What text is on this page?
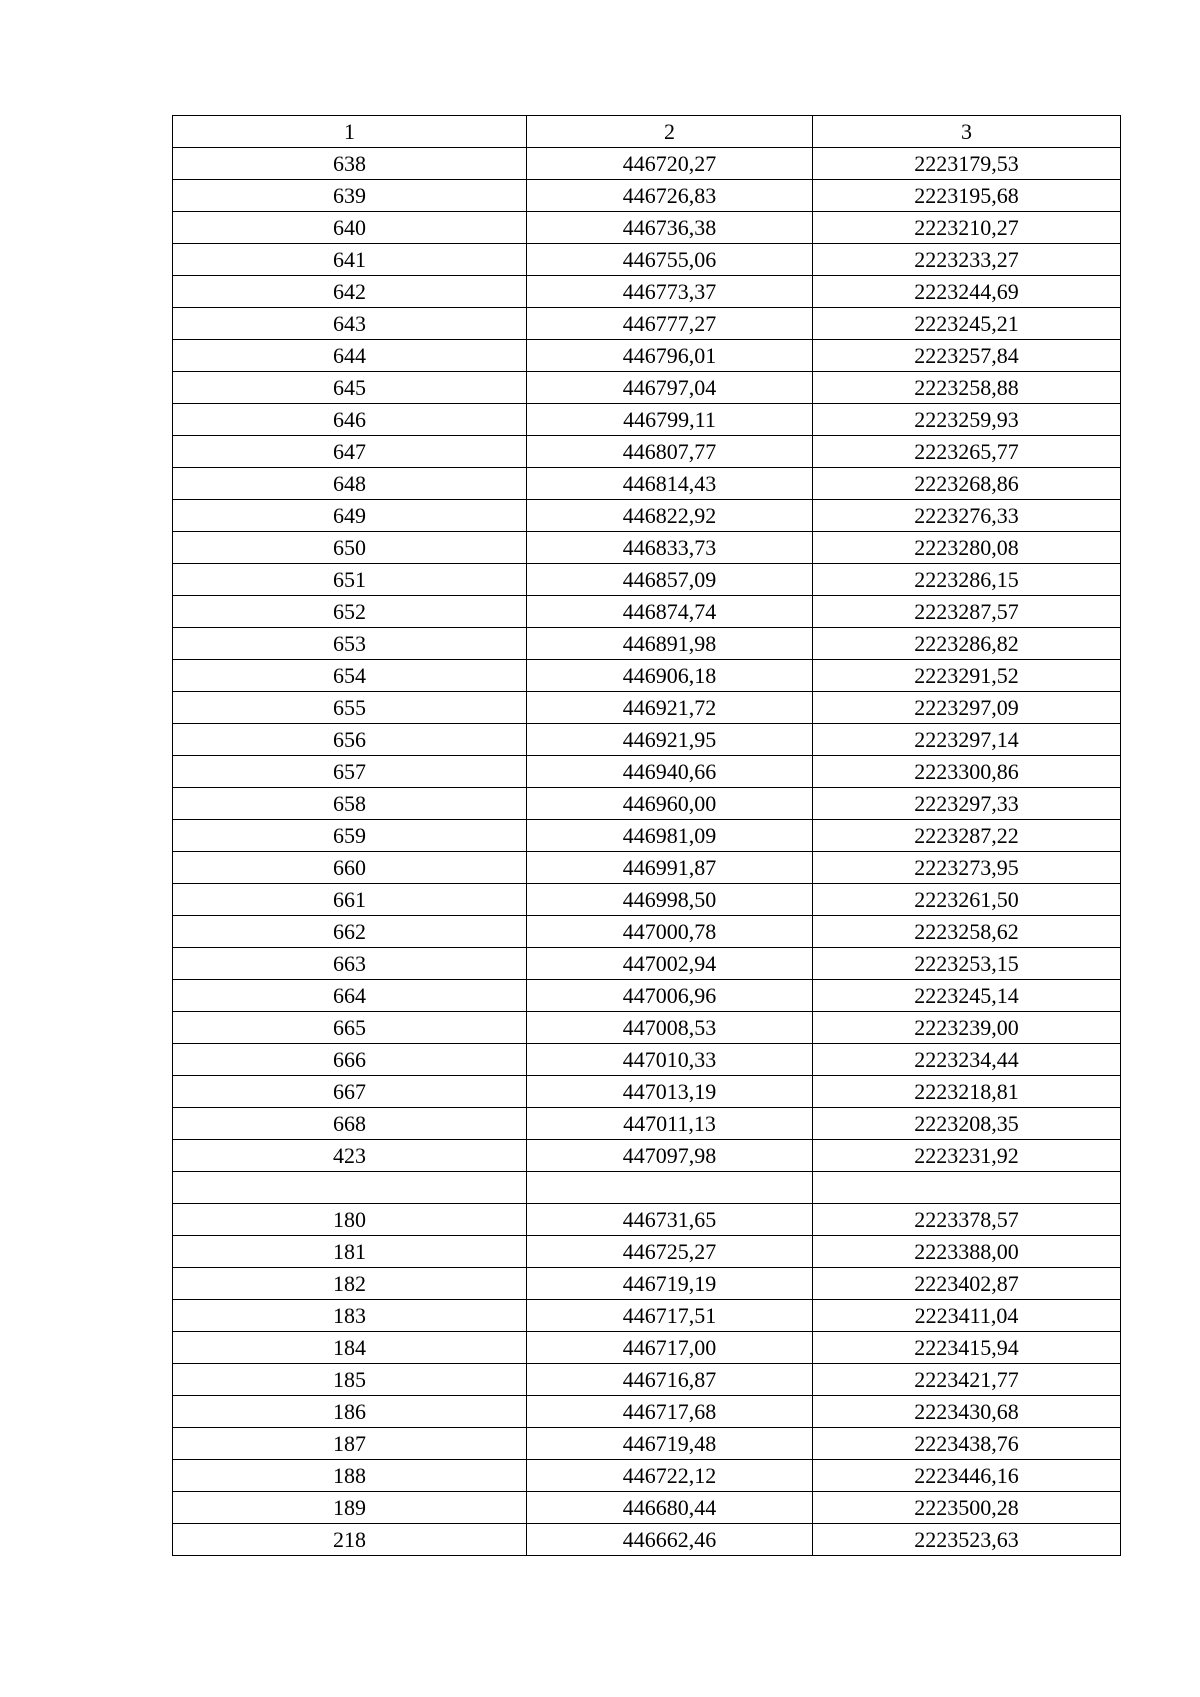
1	2	3
638	446720,27	2223179,53
639	446726,83	2223195,68
640	446736,38	2223210,27
641	446755,06	2223233,27
642	446773,37	2223244,69
643	446777,27	2223245,21
644	446796,01	2223257,84
645	446797,04	2223258,88
646	446799,11	2223259,93
647	446807,77	2223265,77
648	446814,43	2223268,86
649	446822,92	2223276,33
650	446833,73	2223280,08
651	446857,09	2223286,15
652	446874,74	2223287,57
653	446891,98	2223286,82
654	446906,18	2223291,52
655	446921,72	2223297,09
656	446921,95	2223297,14
657	446940,66	2223300,86
658	446960,00	2223297,33
659	446981,09	2223287,22
660	446991,87	2223273,95
661	446998,50	2223261,50
662	447000,78	2223258,62
663	447002,94	2223253,15
664	447006,96	2223245,14
665	447008,53	2223239,00
666	447010,33	2223234,44
667	447013,19	2223218,81
668	447011,13	2223208,35
423	447097,98	2223231,92

180	446731,65	2223378,57
181	446725,27	2223388,00
182	446719,19	2223402,87
183	446717,51	2223411,04
184	446717,00	2223415,94
185	446716,87	2223421,77
186	446717,68	2223430,68
187	446719,48	2223438,76
188	446722,12	2223446,16
189	446680,44	2223500,28
218	446662,46	2223523,63
